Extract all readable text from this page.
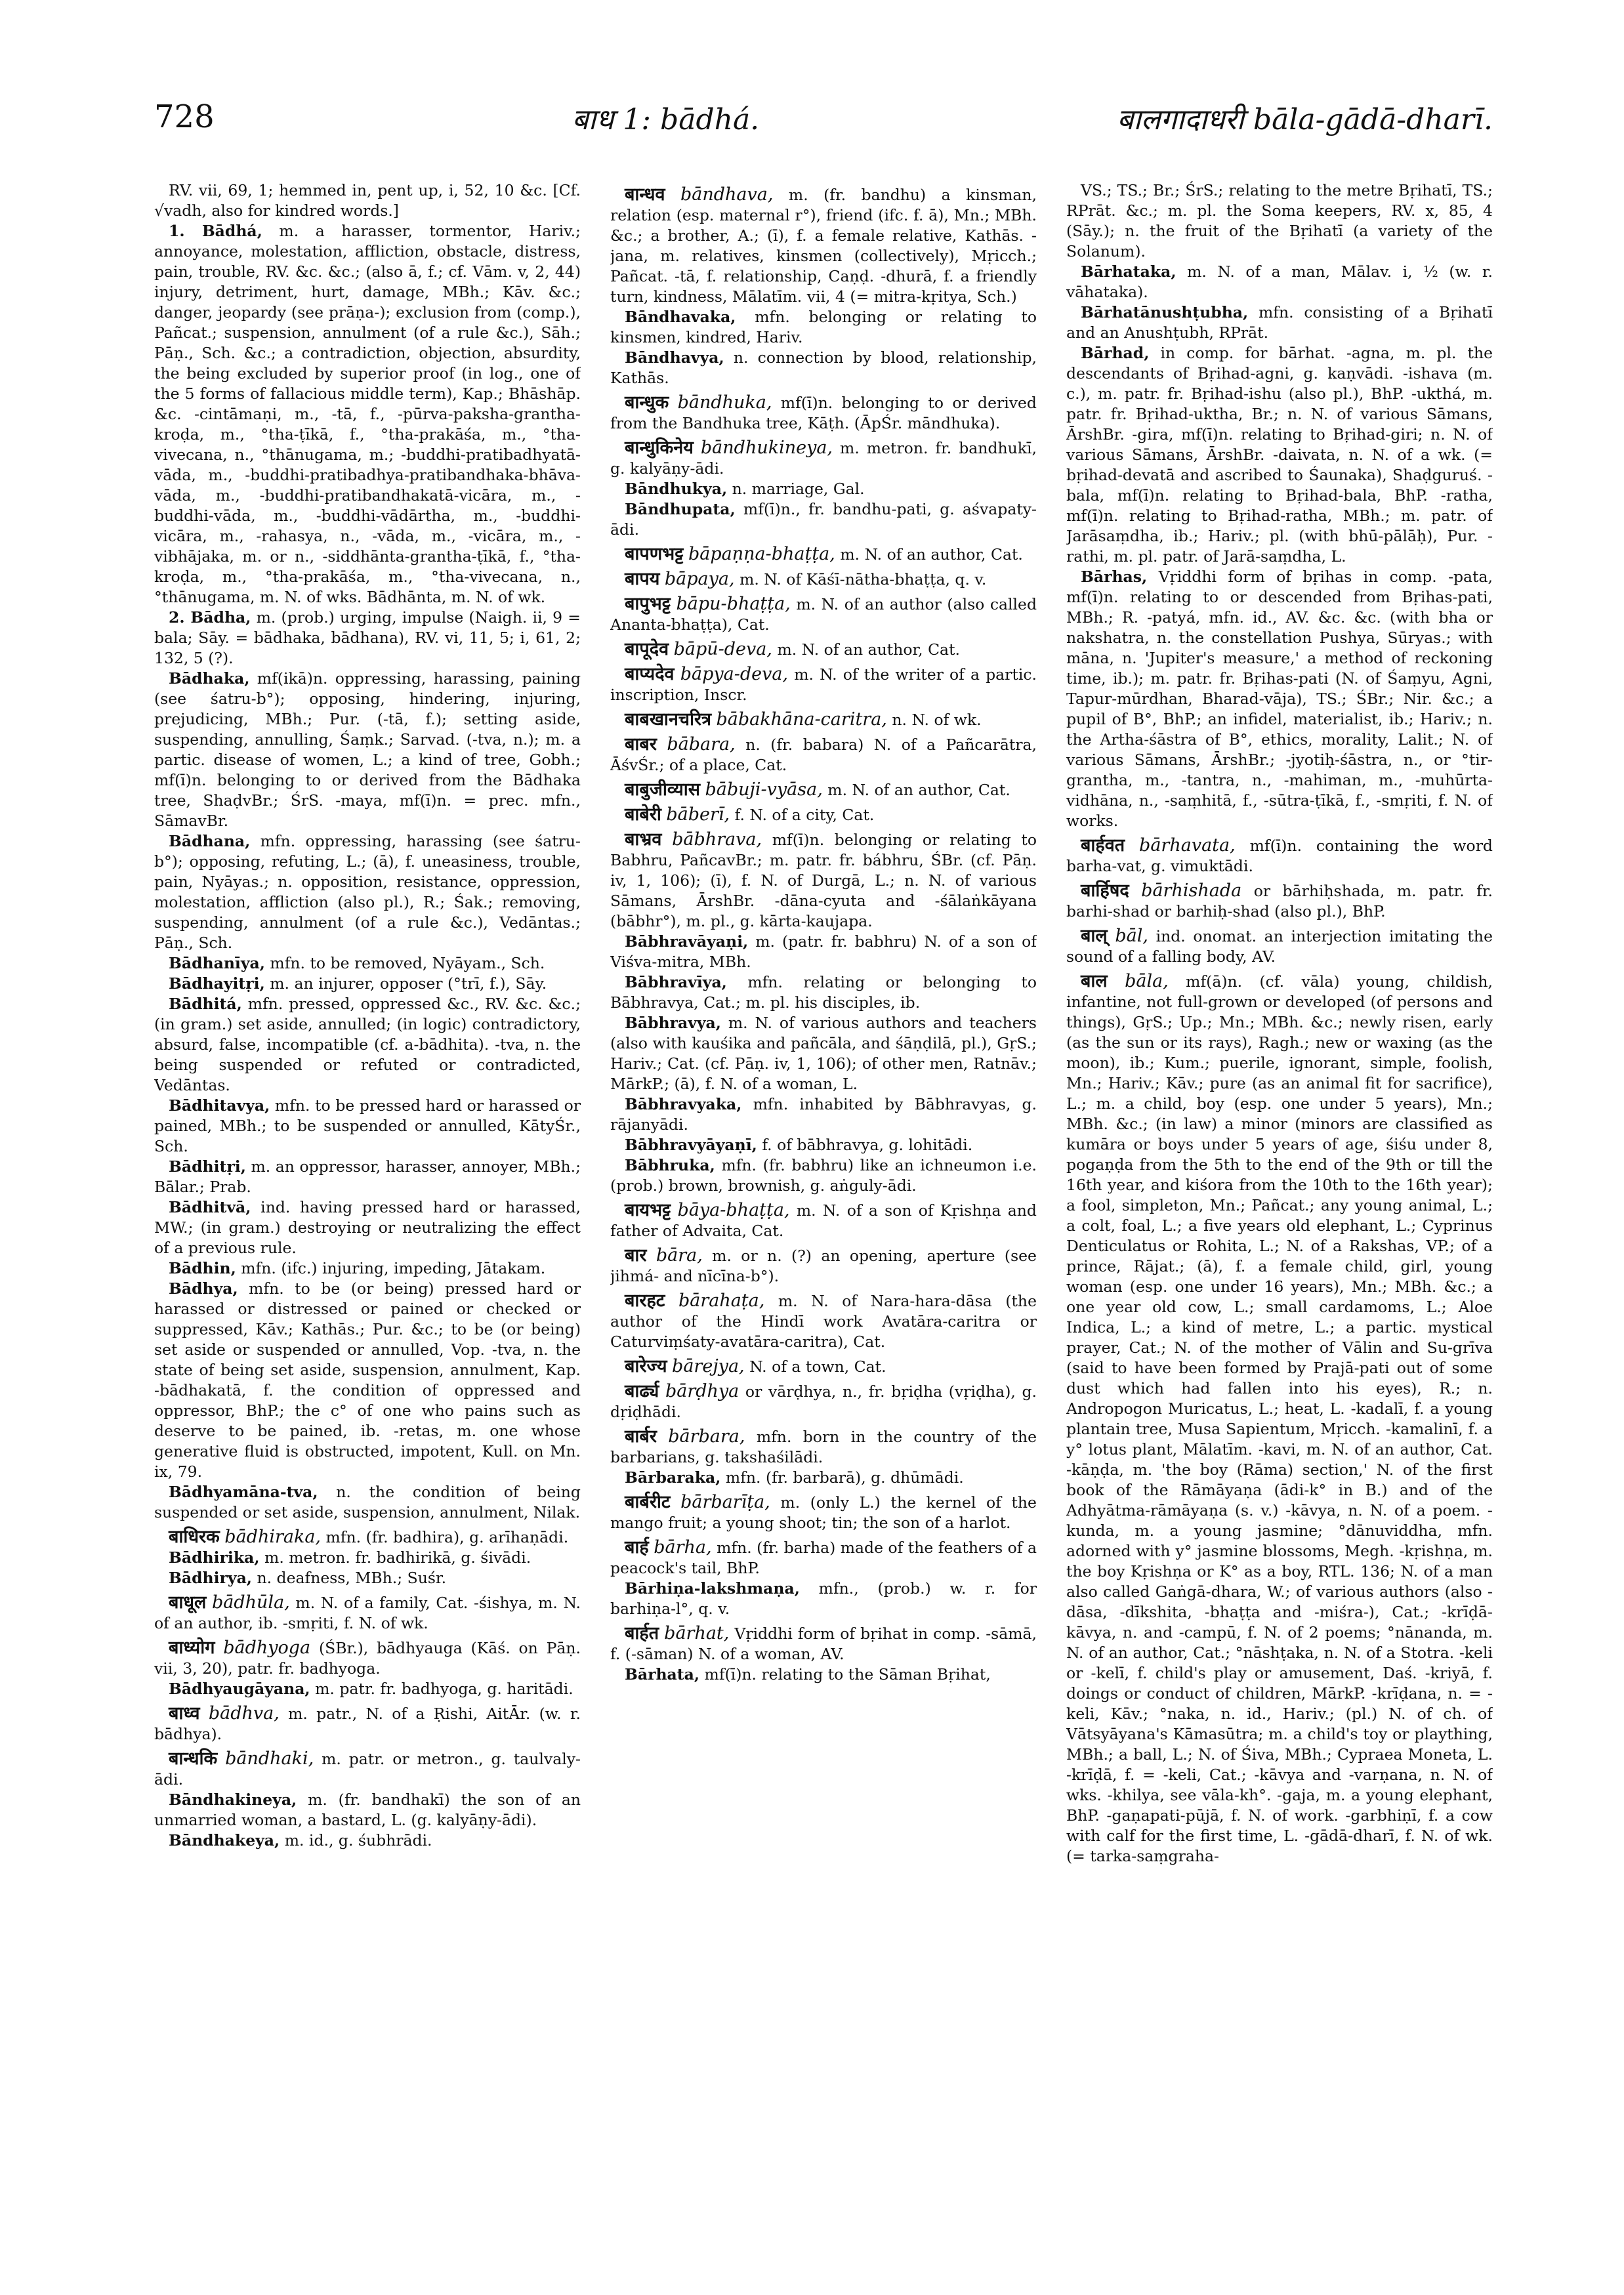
728	बाध 1: bādhá.	बालगादाधरी bāla-gādā-dharī.

RV. vii, 69, 1; hemmed in, pent up, i, 52, 10 &c. [Cf. √vadh, also for kindred words.]

1. Bādhá, m. a harasser, tormentor, Hariv.; annoyance, molestation, affliction, obstacle, distress, pain, trouble, RV. &c. &c.; (also ā, f.; cf. Vām. v, 2, 44) injury, detriment, hurt, damage, MBh.; Kāv. &c.; danger, jeopardy (see prāṇa-); exclusion from (comp.), Pañcat.; suspension, annulment (of a rule &c.), Sāh.; Pāṇ., Sch. &c.; a contradiction, objection, absurdity, the being excluded by superior proof (in log., one of the 5 forms of fallacious middle term), Kap.; Bhāshāp. &c. -cintāmaṇi, m., -tā, f., -pūrva-paksha-grantha-kroḍa, m., °tha-ṭīkā, f., °tha-prakāśa, m., °tha-vivecana, n., °thānugama, m.; -buddhi-pratibadhyatā-vāda, m., -buddhi-pratibadhya-pratibandhaka-bhāva-vāda, m., -buddhi-pratibandhakatā-vicāra, m., -buddhi-vāda, m., -buddhi-vādārtha, m., -buddhi-vicāra, m., -rahasya, n., -vāda, m., -vicāra, m., -vibhājaka, m. or n., -siddhānta-grantha-ṭīkā, f., °tha-kroḍa, m., °tha-prakāśa, m., °tha-vivecana, n., °thānugama, m. N. of wks. Bādhānta, m. N. of wk.

2. Bādha, m. (prob.) urging, impulse (Naigh. ii, 9 = bala; Sāy. = bādhaka, bādhana), RV. vi, 11, 5; i, 61, 2; 132, 5 (?).

Bādhaka, mf(ikā)n. oppressing, harassing, paining (see śatru-b°); opposing, hindering, injuring, prejudicing, MBh.; Pur. (-tā, f.); setting aside, suspending, annulling, Śaṃk.; Sarvad. (-tva, n.); m. a partic. disease of women, L.; a kind of tree, Gobh.; mf(ī)n. belonging to or derived from the Bādhaka tree, ShaḍvBr.; ŚrS. -maya, mf(ī)n. = prec. mfn., SāmavBr.

Bādhana, mfn. oppressing, harassing (see śatru-b°); opposing, refuting, L.; (ā), f. uneasiness, trouble, pain, Nyāyas.; n. opposition, resistance, oppression, molestation, affliction (also pl.), R.; Śak.; removing, suspending, annulment (of a rule &c.), Vedāntas.; Pāṇ., Sch.

Bādhanīya, mfn. to be removed, Nyāyam., Sch.

Bādhayitṛi, m. an injurer, opposer (°trī, f.), Sāy.

Bādhitá, mfn. pressed, oppressed &c., RV. &c. &c.; (in gram.) set aside, annulled; (in logic) contradictory, absurd, false, incompatible (cf. a-bādhita). -tva, n. the being suspended or refuted or contradicted, Vedāntas.

Bādhitavya, mfn. to be pressed hard or harassed or pained, MBh.; to be suspended or annulled, KātyŚr., Sch.

Bādhitṛi, m. an oppressor, harasser, annoyer, MBh.; Bālar.; Prab.

Bādhitvā, ind. having pressed hard or harassed, MW.; (in gram.) destroying or neutralizing the effect of a previous rule.

Bādhin, mfn. (ifc.) injuring, impeding, Jātakam.

Bādhya, mfn. to be (or being) pressed hard or harassed or distressed or pained or checked or suppressed, Kāv.; Kathās.; Pur. &c.; to be (or being) set aside or suspended or annulled, Vop. -tva, n. the state of being set aside, suspension, annulment, Kap. -bādhakatā, f. the condition of oppressed and oppressor, BhP.; the c° of one who pains such as deserve to be pained, ib. -retas, m. one whose generative fluid is obstructed, impotent, Kull. on Mn. ix, 79.

Bādhyamāna-tva, n. the condition of being suspended or set aside, suspension, annulment, Nilak.

बाधिरक bādhiraka, mfn. (fr. badhira), g. arīhaṇādi.

Bādhirika, m. metron. fr. badhirikā, g. śivādi.

Bādhirya, n. deafness, MBh.; Suśr.

बाधूल bādhūla, m. N. of a family, Cat. -śishya, m. N. of an author, ib. -smṛiti, f. N. of wk.

बाध्योग bādhyoga (ŚBr.), bādhyauga (Kāś. on Pāṇ. vii, 3, 20), patr. fr. badhyoga.

Bādhyaugāyana, m. patr. fr. badhyoga, g. haritādi.

बाध्व bādhva, m. patr., N. of a Ṛishi, AitĀr. (w. r. bādhya).

बान्धकि bāndhaki, m. patr. or metron., g. taulvaly-ādi.

Bāndhakineya, m. (fr. bandhakī) the son of an unmarried woman, a bastard, L. (g. kalyāṇy-ādi).

Bāndhakeya, m. id., g. śubhrādi.

बान्धव bāndhava, m. (fr. bandhu) a kinsman, relation (esp. maternal r°), friend (ifc. f. ā), Mn.; MBh. &c.; a brother, A.; (ī), f. a female relative, Kathās. -jana, m. relatives, kinsmen (collectively), Mṛicch.; Pañcat. -tā, f. relationship, Caṇḍ. -dhurā, f. a friendly turn, kindness, Mālatīm. vii, 4 (= mitra-kṛitya, Sch.)

Bāndhavaka, mfn. belonging or relating to kinsmen, kindred, Hariv.

Bāndhavya, n. connection by blood, relationship, Kathās.

बान्धुक bāndhuka, mf(ī)n. belonging to or derived from the Bandhuka tree, Kāṭh. (ĀpŚr. māndhuka).

बान्धुकिनेय bāndhukineya, m. metron. fr. bandhukī, g. kalyāṇy-ādi.

Bāndhukya, n. marriage, Gal.

Bāndhupata, mf(ī)n., fr. bandhu-pati, g. aśvapaty-ādi.

बापणभट्ट bāpaṇṇa-bhaṭṭa, m. N. of an author, Cat.

बापय bāpaya, m. N. of Kāśī-nātha-bhaṭṭa, q. v.

बापुभट्ट bāpu-bhaṭṭa, m. N. of an author (also called Ananta-bhaṭṭa), Cat.

बापूदेव bāpū-deva, m. N. of an author, Cat.

बाप्यदेव bāpya-deva, m. N. of the writer of a partic. inscription, Inscr.

बाबखानचरित्र bābakhāna-caritra, n. N. of wk.

बाबर bābara, n. (fr. babara) N. of a Pañcarātra, ĀśvŚr.; of a place, Cat.

बाबुजीव्यास bābuji-vyāsa, m. N. of an author, Cat.

बाबेरी bāberī, f. N. of a city, Cat.

बाभ्रव bābhrava, mf(ī)n. belonging or relating to Babhru, PañcavBr.; m. patr. fr. bábhru, ŚBr. (cf. Pāṇ. iv, 1, 106); (ī), f. N. of Durgā, L.; n. N. of various Sāmans, ĀrshBr. -dāna-cyuta and -śālaṅkāyana (bābhr°), m. pl., g. kārta-kaujapa.

Bābhravāyaṇi, m. (patr. fr. babhru) N. of a son of Viśva-mitra, MBh.

Bābhravīya, mfn. relating or belonging to Bābhravya, Cat.; m. pl. his disciples, ib.

Bābhravya, m. N. of various authors and teachers (also with kauśika and pañcāla, and śāṇḍilā, pl.), GṛS.; Hariv.; Cat. (cf. Pāṇ. iv, 1, 106); of other men, Ratnāv.; MārkP.; (ā), f. N. of a woman, L.

Bābhravyaka, mfn. inhabited by Bābhravyas, g. rājanyādi.

Bābhravyāyaṇī, f. of bābhravya, g. lohitādi.

Bābhruka, mfn. (fr. babhru) like an ichneumon i.e. (prob.) brown, brownish, g. aṅguly-ādi.

बायभट्ट bāya-bhaṭṭa, m. N. of a son of Kṛishṇa and father of Advaita, Cat.

बार bāra, m. or n. (?) an opening, aperture (see jihmá- and nīcīna-b°).

बारहट bārahaṭa, m. N. of Nara-hara-dāsa (the author of the Hindī work Avatāra-caritra or Caturviṃśaty-avatāra-caritra), Cat.

बारेज्य bārejya, N. of a town, Cat.

बार्ढ्य bārḍhya or vārḍhya, n., fr. bṛiḍha (vṛiḍha), g. dṛiḍhādi.

बार्बर bārbara, mfn. born in the country of the barbarians, g. takshaśilādi.

Bārbaraka, mfn. (fr. barbarā), g. dhūmādi.

बार्बरीट bārbarīṭa, m. (only L.) the kernel of the mango fruit; a young shoot; tin; the son of a harlot.

बार्ह bārha, mfn. (fr. barha) made of the feathers of a peacock's tail, BhP.

Bārhiṇa-lakshmaṇa, mfn., (prob.) w. r. for barhiṇa-l°, q. v.

बार्हत bārhat, Vṛiddhi form of bṛihat in comp. -sāmā, f. (-sāman) N. of a woman, AV.

Bārhata, mf(ī)n. relating to the Sāman Bṛihat,

VS.; TS.; Br.; ŚrS.; relating to the metre Bṛihatī, TS.; RPrāt. &c.; m. pl. the Soma keepers, RV. x, 85, 4 (Sāy.); n. the fruit of the Bṛihatī (a variety of the Solanum).

Bārhataka, m. N. of a man, Mālav. i, ½ (w. r. vāhataka).

Bārhatānushṭubha, mfn. consisting of a Bṛihatī and an Anushṭubh, RPrāt.

Bārhad, in comp. for bārhat. -agna, m. pl. the descendants of Bṛihad-agni, g. kaṇvādi. -ishava (m. c.), m. patr. fr. Bṛihad-ishu (also pl.), BhP. -ukthá, m. patr. fr. Bṛihad-uktha, Br.; n. N. of various Sāmans, ĀrshBr. -gira, mf(ī)n. relating to Bṛihad-giri; n. N. of various Sāmans, ĀrshBr. -daivata, n. N. of a wk. (= bṛihad-devatā and ascribed to Śaunaka), Shaḍguruś. -bala, mf(ī)n. relating to Bṛihad-bala, BhP. -ratha, mf(ī)n. relating to Bṛihad-ratha, MBh.; m. patr. of Jarāsaṃdha, ib.; Hariv.; pl. (with bhū-pālāḥ), Pur. -rathi, m. pl. patr. of Jarā-saṃdha, L.

Bārhas, Vṛiddhi form of bṛihas in comp. -pata, mf(ī)n. relating to or descended from Bṛihas-pati, MBh.; R. -patyá, mfn. id., AV. &c. &c. (with bha or nakshatra, n. the constellation Pushya, Sūryas.; with māna, n. 'Jupiter's measure,' a method of reckoning time, ib.); m. patr. fr. Bṛihas-pati (N. of Śaṃyu, Agni, Tapur-mūrdhan, Bharad-vāja), TS.; ŚBr.; Nir. &c.; a pupil of B°, BhP.; an infidel, materialist, ib.; Hariv.; n. the Artha-śāstra of B°, ethics, morality, Lalit.; N. of various Sāmans, ĀrshBr.; -jyotiḥ-śāstra, n., or °tir-grantha, m., -tantra, n., -mahiman, m., -muhūrta-vidhāna, n., -saṃhitā, f., -sūtra-ṭīkā, f., -smṛiti, f. N. of works.

बार्हवत bārhavata, mf(ī)n. containing the word barha-vat, g. vimuktādi.

बार्हिषद bārhishada or bārhiḥshada, m. patr. fr. barhi-shad or barhiḥ-shad (also pl.), BhP.

बाल् bāl, ind. onomat. an interjection imitating the sound of a falling body, AV.

बाल bāla, mf(ā)n. (cf. vāla) young, childish, infantine, not full-grown or developed (of persons and things), GṛS.; Up.; Mn.; MBh. &c.; newly risen, early (as the sun or its rays), Ragh.; new or waxing (as the moon), ib.; Kum.; puerile, ignorant, simple, foolish, Mn.; Hariv.; Kāv.; pure (as an animal fit for sacrifice), L.; m. a child, boy (esp. one under 5 years), Mn.; MBh. &c.; (in law) a minor (minors are classified as kumāra or boys under 5 years of age, śiśu under 8, pogaṇḍa from the 5th to the end of the 9th or till the 16th year, and kiśora from the 10th to the 16th year); a fool, simpleton, Mn.; Pañcat.; any young animal, L.; a colt, foal, L.; a five years old elephant, L.; Cyprinus Denticulatus or Rohita, L.; N. of a Rakshas, VP.; of a prince, Rājat.; (ā), f. a female child, girl, young woman (esp. one under 16 years), Mn.; MBh. &c.; a one year old cow, L.; small cardamoms, L.; Aloe Indica, L.; a kind of metre, L.; a partic. mystical prayer, Cat.; N. of the mother of Vālin and Su-grīva (said to have been formed by Prajā-pati out of some dust which had fallen into his eyes), R.; n. Andropogon Muricatus, L.; heat, L. -kadalī, f. a young plantain tree, Musa Sapientum, Mṛicch. -kamalinī, f. a y° lotus plant, Mālatīm. -kavi, m. N. of an author, Cat. -kāṇḍa, m. 'the boy (Rāma) section,' N. of the first book of the Rāmāyaṇa (ādi-k° in B.) and of the Adhyātma-rāmāyaṇa (s. v.) -kāvya, n. N. of a poem. -kunda, m. a young jasmine; °dānuviddha, mfn. adorned with y° jasmine blossoms, Megh. -kṛishṇa, m. the boy Kṛishṇa or K° as a boy, RTL. 136; N. of a man also called Gaṅgā-dhara, W.; of various authors (also -dāsa, -dīkshita, -bhaṭṭa and -miśra-), Cat.; -krīḍā-kāvya, n. and -campū, f. N. of 2 poems; °nānanda, m. N. of an author, Cat.; °nāshṭaka, n. N. of a Stotra. -keli or -kelī, f. child's play or amusement, Daś. -kriyā, f. doings or conduct of children, MārkP. -krīḍana, n. = -keli, Kāv.; °naka, n. id., Hariv.; (pl.) N. of ch. of Vātsyāyana's Kāmasūtra; m. a child's toy or plaything, MBh.; a ball, L.; N. of Śiva, MBh.; Cypraea Moneta, L. -krīḍā, f. = -keli, Cat.; -kāvya and -varṇana, n. N. of wks. -khilya, see vāla-kh°. -gaja, m. a young elephant, BhP. -gaṇapati-pūjā, f. N. of work. -garbhiṇī, f. a cow with calf for the first time, L. -gādā-dharī, f. N. of wk. (= tarka-saṃgraha-
